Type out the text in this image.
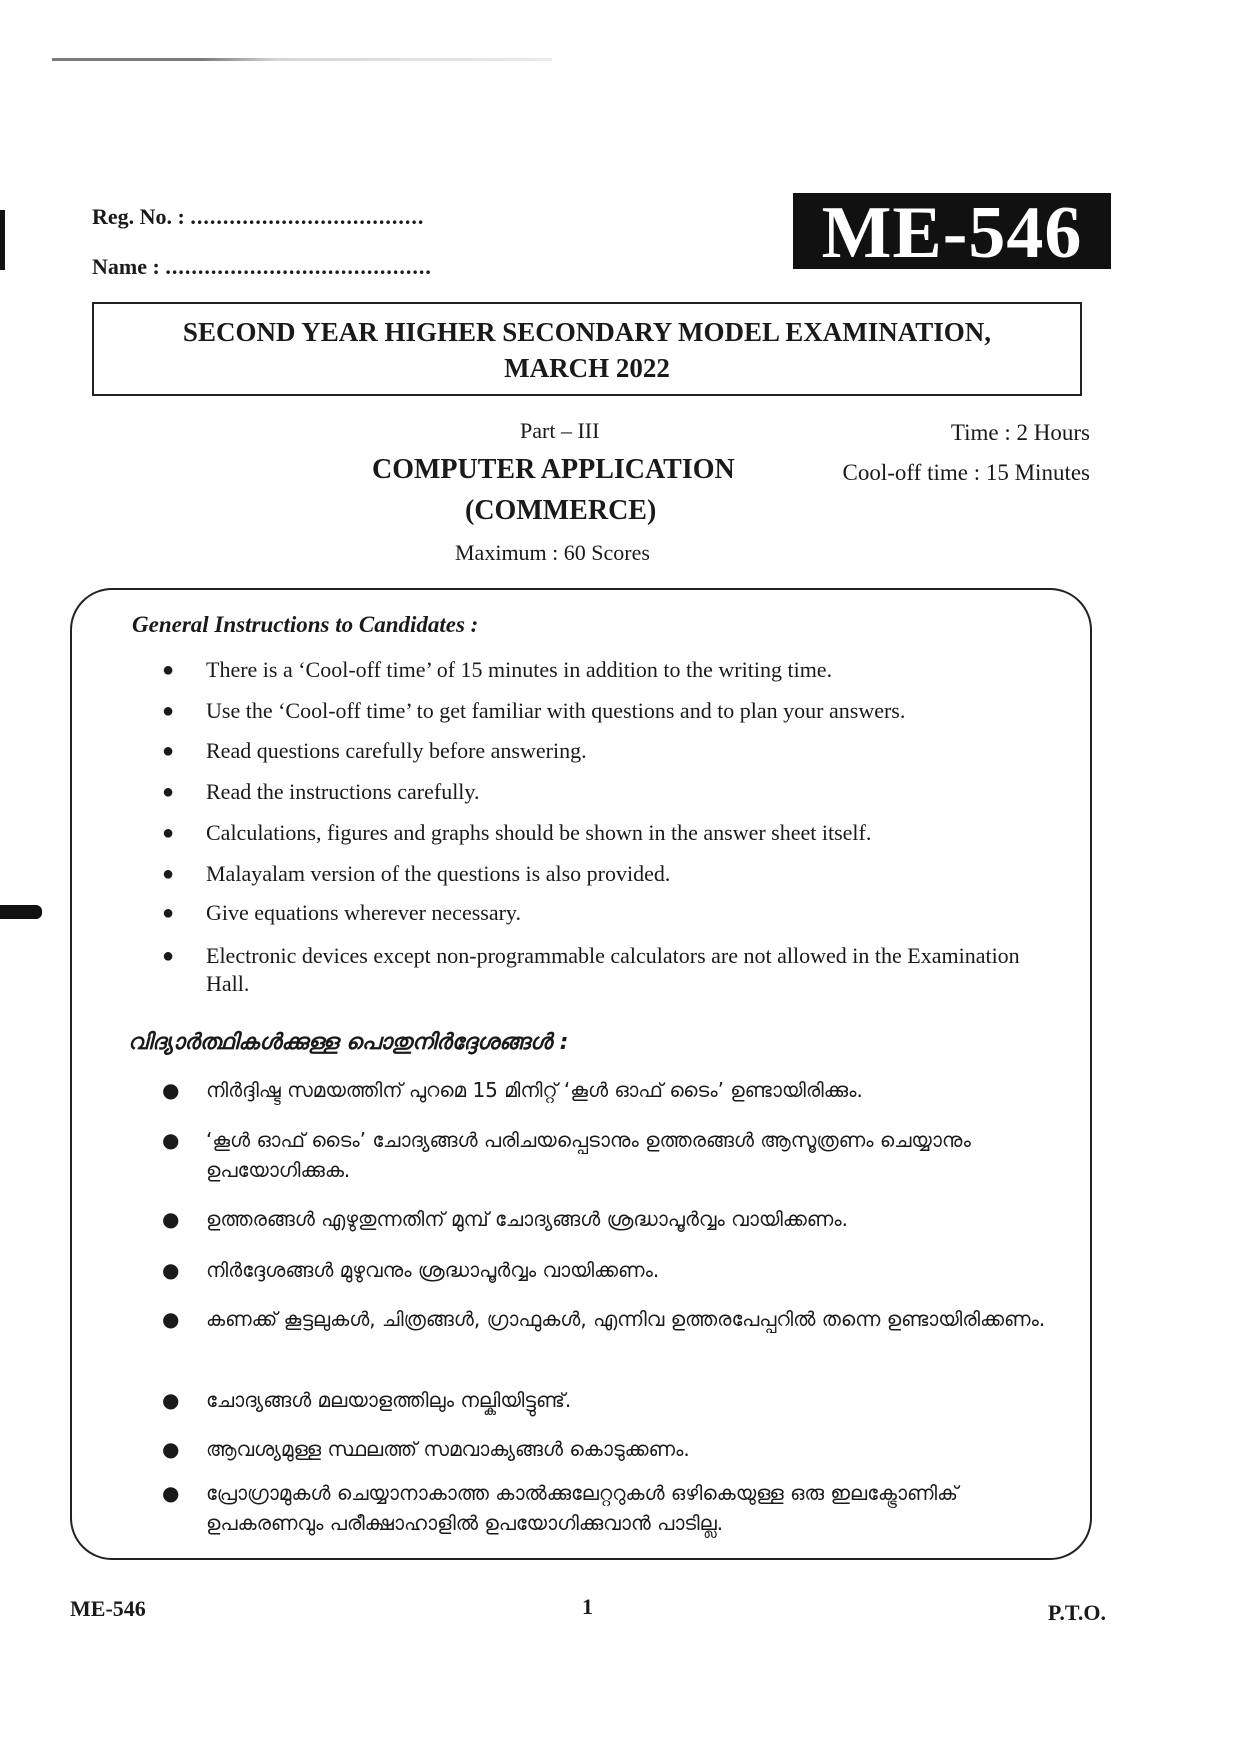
Reg. No. : ....................................
Name : .........................................	ME-546
SECOND YEAR HIGHER SECONDARY MODEL EXAMINATION,
MARCH 2022
Part – III	Time : 2 Hours
Cool-off time : 15 Minutes
COMPUTER APPLICATION
(COMMERCE)
Maximum : 60 Scores
General Instructions to Candidates :
● There is a ‘Cool-off time’ of 15 minutes in addition to the writing time.
● Use the ‘Cool-off time’ to get familiar with questions and to plan your answers.
● Read questions carefully before answering.
● Read the instructions carefully.
● Calculations, figures and graphs should be shown in the answer sheet itself.
● Malayalam version of the questions is also provided.
● Give equations wherever necessary.
● Electronic devices except non-programmable calculators are not allowed in the Examination Hall.
വിദ്യാർത്ഥികൾക്കുള്ള പൊതുനിർദ്ദേശങ്ങൾ :
● നിർദ്ദിഷ്ട സമയത്തിന് പുറമെ 15 മിനിറ്റ് ‘കൂൾ ഓഫ് ടൈം’ ഉണ്ടായിരിക്കും.
● ‘കൂൾ ഓഫ് ടൈം’ ചോദ്യങ്ങൾ പരിചയപ്പെടാനും ഉത്തരങ്ങൾ ആസൂത്രണം ചെയ്യാനും ഉപയോഗിക്കുക.
● ഉത്തരങ്ങൾ എഴുതുന്നതിന് മുമ്പ് ചോദ്യങ്ങൾ ശ്രദ്ധാപൂർവ്വം വായിക്കണം.
● നിർദ്ദേശങ്ങൾ മുഴുവനും ശ്രദ്ധാപൂർവ്വം വായിക്കണം.
● കണക്ക് കൂട്ടലുകൾ, ചിത്രങ്ങൾ, ഗ്രാഫുകൾ, എന്നിവ ഉത്തരപേപ്പറിൽ തന്നെ ഉണ്ടായിരിക്കണം.
● ചോദ്യങ്ങൾ മലയാളത്തിലും നല്കിയിട്ടുണ്ട്.
● ആവശ്യമുള്ള സ്ഥലത്ത് സമവാക്യങ്ങൾ കൊടുക്കണം.
● പ്രോഗ്രാമുകൾ ചെയ്യാനാകാത്ത കാൽക്കുലേറ്ററുകൾ ഒഴികെയുള്ള ഒരു ഇലക്ട്രോണിക് ഉപകരണവും പരീക്ഷാഹാളിൽ ഉപയോഗിക്കുവാൻ പാടില്ല.
ME-546	1	P.T.O.
